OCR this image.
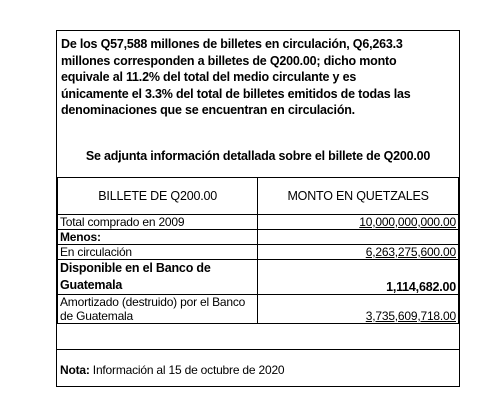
De los Q57,588 millones de billetes en circulación, Q6,263.3
millones corresponden a billetes de Q200.00; dicho monto
equivale al 11.2% del total del medio circulante y es
únicamente el 3.3% del total de billetes emitidos de todas las
denominaciones que se encuentran en circulación.
Se adjunta información detallada sobre el billete de Q200.00
BILLETE DE Q200.00	MONTO EN QUETZALES
Total comprado en 2009	10,000,000,000.00
Menos:	
En circulación	6,263,275,600.00
Disponible en el Banco de Guatemala	1,114,682.00
Amortizado (destruido) por el Banco de Guatemala	3,735,609,718.00
Nota: Información al 15 de octubre de 2020
